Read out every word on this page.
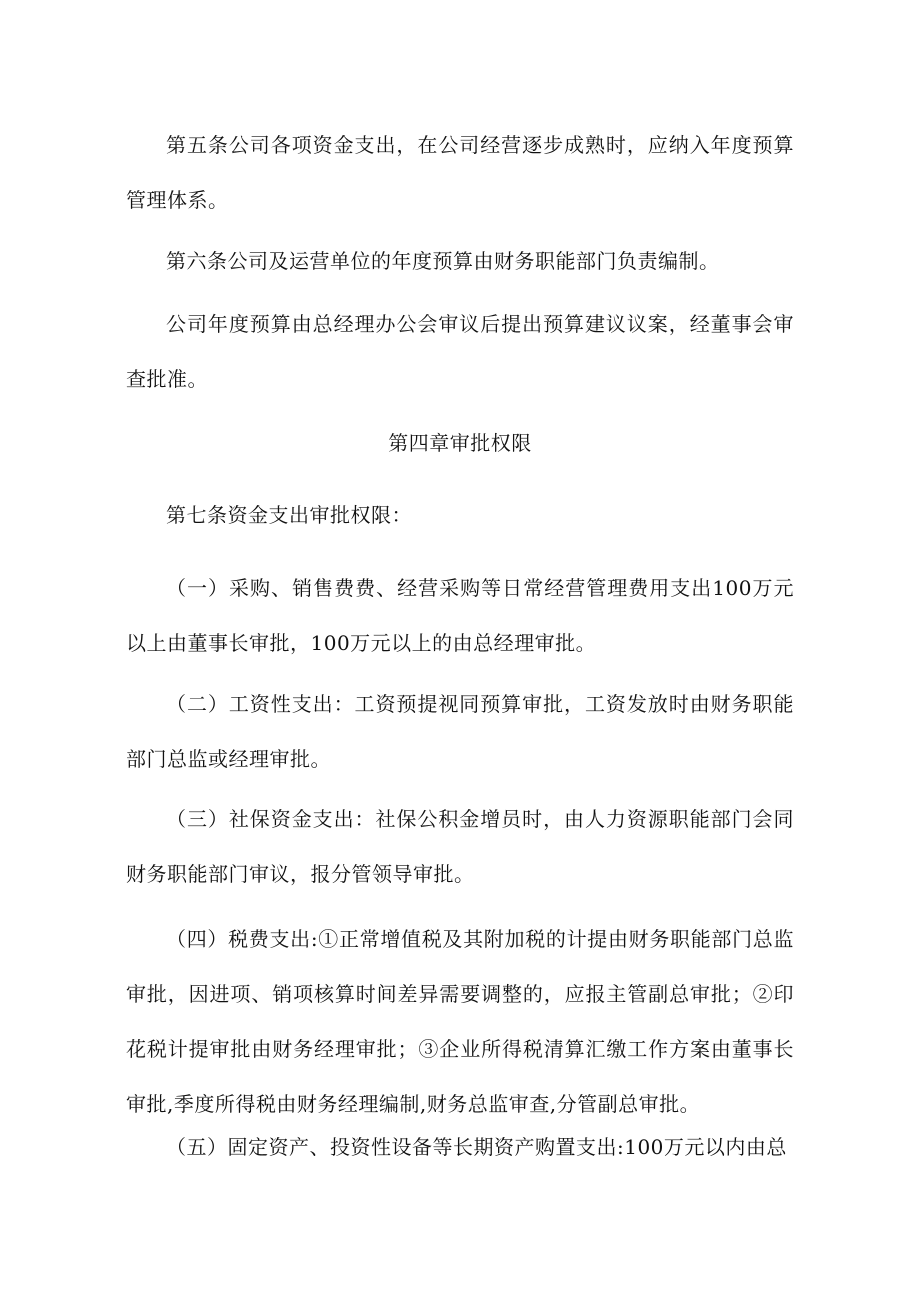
第五条公司各项资金支出，在公司经营逐步成熟时，应纳入年度预算管理体系。

第六条公司及运营单位的年度预算由财务职能部门负责编制。

公司年度预算由总经理办公会审议后提出预算建议议案，经董事会审查批准。

第四章审批权限

第七条资金支出审批权限：

（一）采购、销售费费、经营采购等日常经营管理费用支出100万元以上由董事长审批，100万元以上的由总经理审批。

（二）工资性支出：工资预提视同预算审批，工资发放时由财务职能部门总监或经理审批。

（三）社保资金支出：社保公积金增员时，由人力资源职能部门会同财务职能部门审议，报分管领导审批。

（四）税费支出:①正常增值税及其附加税的计提由财务职能部门总监审批，因进项、销项核算时间差异需要调整的，应报主管副总审批；②印花税计提审批由财务经理审批；③企业所得税清算汇缴工作方案由董事长审批,季度所得税由财务经理编制,财务总监审查,分管副总审批。

（五）固定资产、投资性设备等长期资产购置支出:100万元以内由总
